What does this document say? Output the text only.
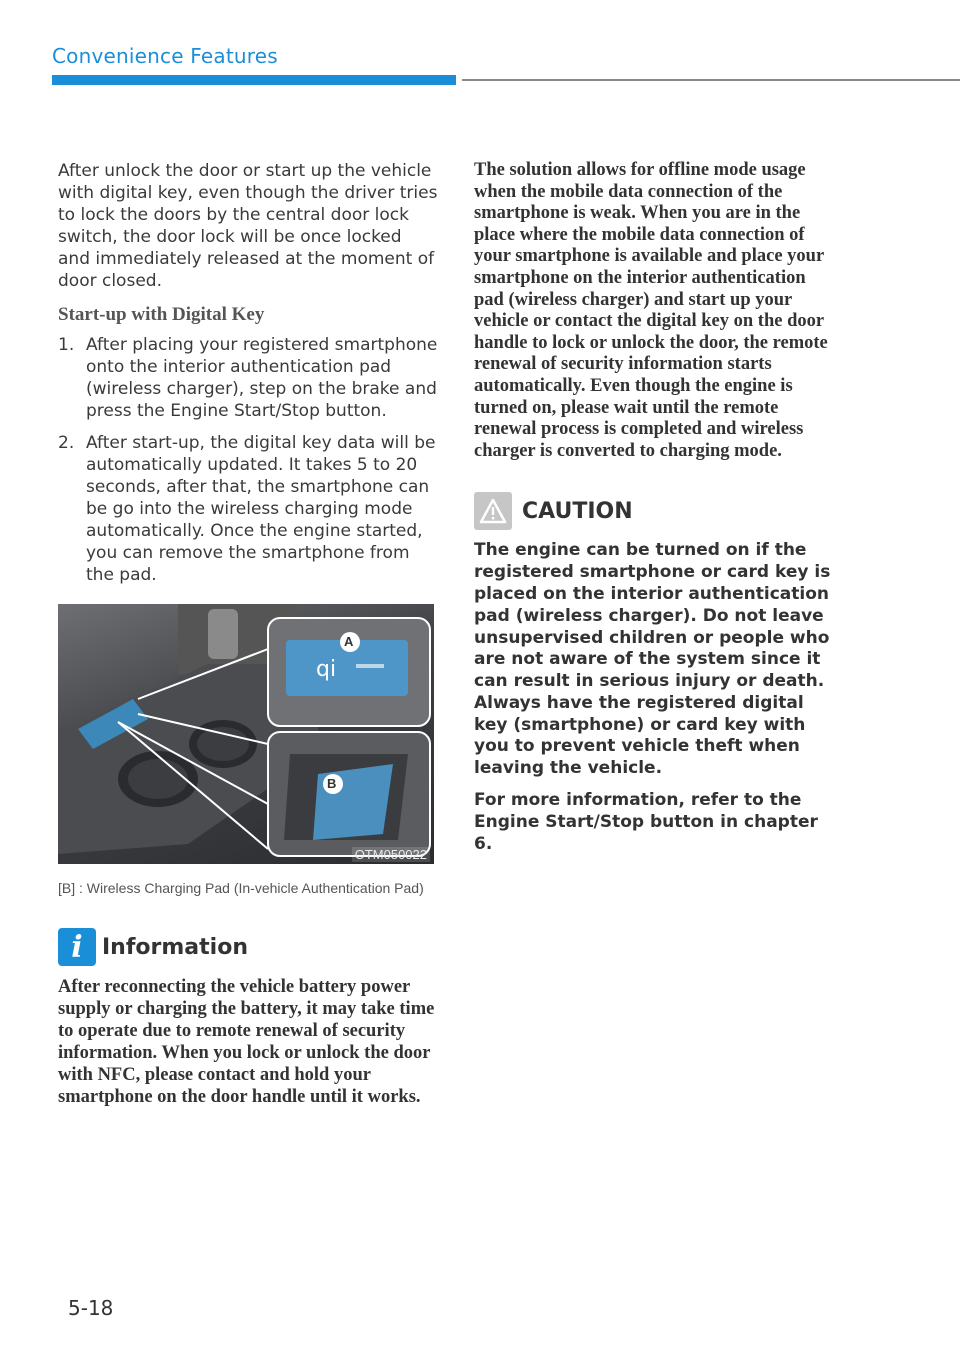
Convenience Features

After unlock the door or start up the vehicle with digital key, even though the driver tries to lock the doors by the central door lock switch, the door lock will be once locked and immediately released at the moment of door closed.

Start-up with Digital Key
1. After placing your registered smartphone onto the interior authentication pad (wireless charger), step on the brake and press the Engine Start/Stop button.
2. After start-up, the digital key data will be automatically updated. It takes 5 to 20 seconds, after that, the smartphone can be go into the wireless charging mode automatically. Once the engine started, you can remove the smartphone from the pad.
qi
A
B
OTM050022
[B] : Wireless Charging Pad (In-vehicle Authentication Pad)
i Information
After reconnecting the vehicle battery power supply or charging the battery, it may take time to operate due to remote renewal of security information. When you lock or unlock the door with NFC, please contact and hold your smartphone on the door handle until it works.

The solution allows for offline mode usage when the mobile data connection of the smartphone is weak. When you are in the place where the mobile data connection of your smartphone is available and place your smartphone on the interior authentication pad (wireless charger) and start up your vehicle or contact the digital key on the door handle to lock or unlock the door, the remote renewal of security information starts automatically. Even though the engine is turned on, please wait until the remote renewal process is completed and wireless charger is converted to charging mode.

CAUTION

The engine can be turned on if the registered smartphone or card key is placed on the interior authentication pad (wireless charger). Do not leave unsupervised children or people who are not aware of the system since it can result in serious injury or death. Always have the registered digital key (smartphone) or card key with you to prevent vehicle theft when leaving the vehicle.

For more information, refer to the Engine Start/Stop button in chapter 6.

5-18
